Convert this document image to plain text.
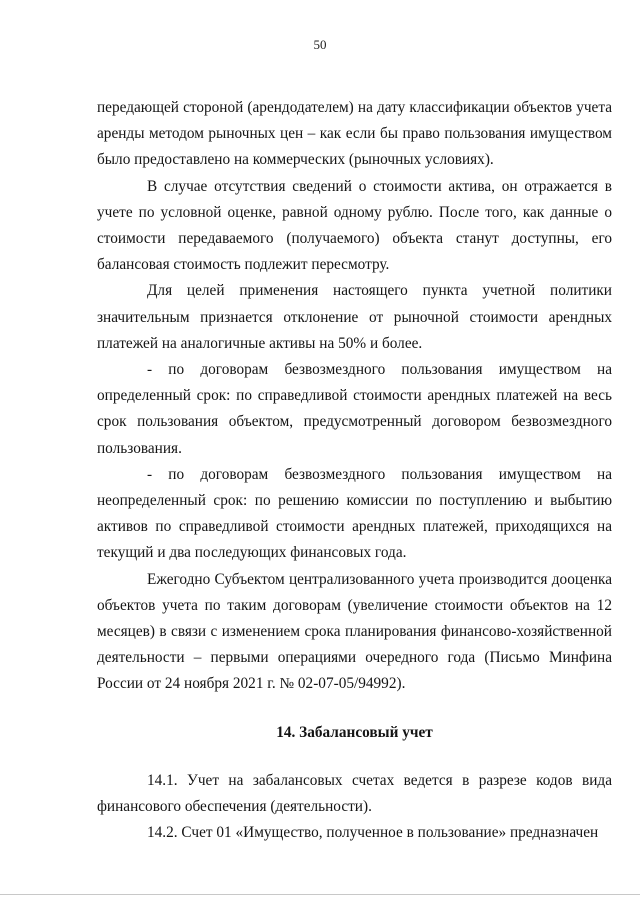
50

передающей стороной (арендодателем) на дату классификации объектов учета аренды методом рыночных цен – как если бы право пользования имуществом было предоставлено на коммерческих (рыночных условиях).

В случае отсутствия сведений о стоимости актива, он отражается в учете по условной оценке, равной одному рублю. После того, как данные о стоимости передаваемого (получаемого) объекта станут доступны, его балансовая стоимость подлежит пересмотру.

Для целей применения настоящего пункта учетной политики значительным признается отклонение от рыночной стоимости арендных платежей на аналогичные активы на 50% и более.

- по договорам безвозмездного пользования имуществом на определенный срок: по справедливой стоимости арендных платежей на весь срок пользования объектом, предусмотренный договором безвозмездного пользования.

- по договорам безвозмездного пользования имуществом на неопределенный срок: по решению комиссии по поступлению и выбытию активов по справедливой стоимости арендных платежей, приходящихся на текущий и два последующих финансовых года.

Ежегодно Субъектом централизованного учета производится дооценка объектов учета по таким договорам (увеличение стоимости объектов на 12 месяцев) в связи с изменением срока планирования финансово-хозяйственной деятельности – первыми операциями очередного года (Письмо Минфина России от 24 ноября 2021 г. № 02-07-05/94992).

14. Забалансовый учет

14.1. Учет на забалансовых счетах ведется в разрезе кодов вида финансового обеспечения (деятельности).

14.2. Счет 01 «Имущество, полученное в пользование» предназначен
